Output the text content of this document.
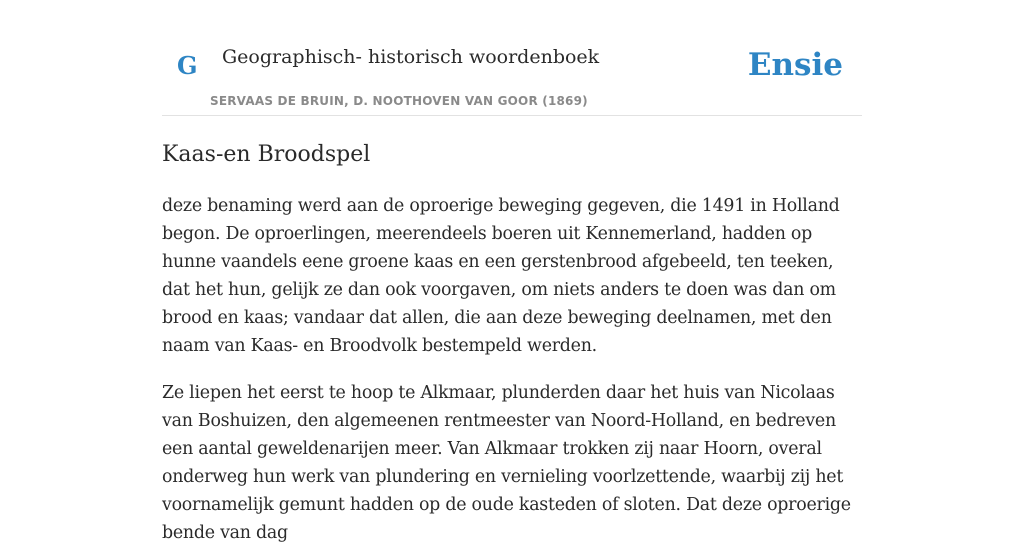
G Geographisch- historisch woordenboek
SERVAAS DE BRUIN, D. NOOTHOVEN VAN GOOR (1869)
Ensie
Kaas-en Broodspel

deze benaming werd aan de oproerige beweging gegeven, die 1491 in Holland begon. De oproerlingen, meerendeels boeren uit Kennemerland, hadden op hunne vaandels eene groene kaas en een gerstenbrood afgebeeld, ten teeken, dat het hun, gelijk ze dan ook voorgaven, om niets anders te doen was dan om brood en kaas; vandaar dat allen, die aan deze beweging deelnamen, met den naam van Kaas- en Broodvolk bestempeld werden.

Ze liepen het eerst te hoop te Alkmaar, plunderden daar het huis van Nicolaas van Boshuizen, den algemeenen rentmeester van Noord-Holland, en bedreven een aantal geweldenarijen meer. Van Alkmaar trokken zij naar Hoorn, overal onderweg hun werk van plundering en vernieling voorlzettende, waarbij zij het voornamelijk gemunt hadden op de oude kasteden of sloten. Dat deze oproerige bende van dag
